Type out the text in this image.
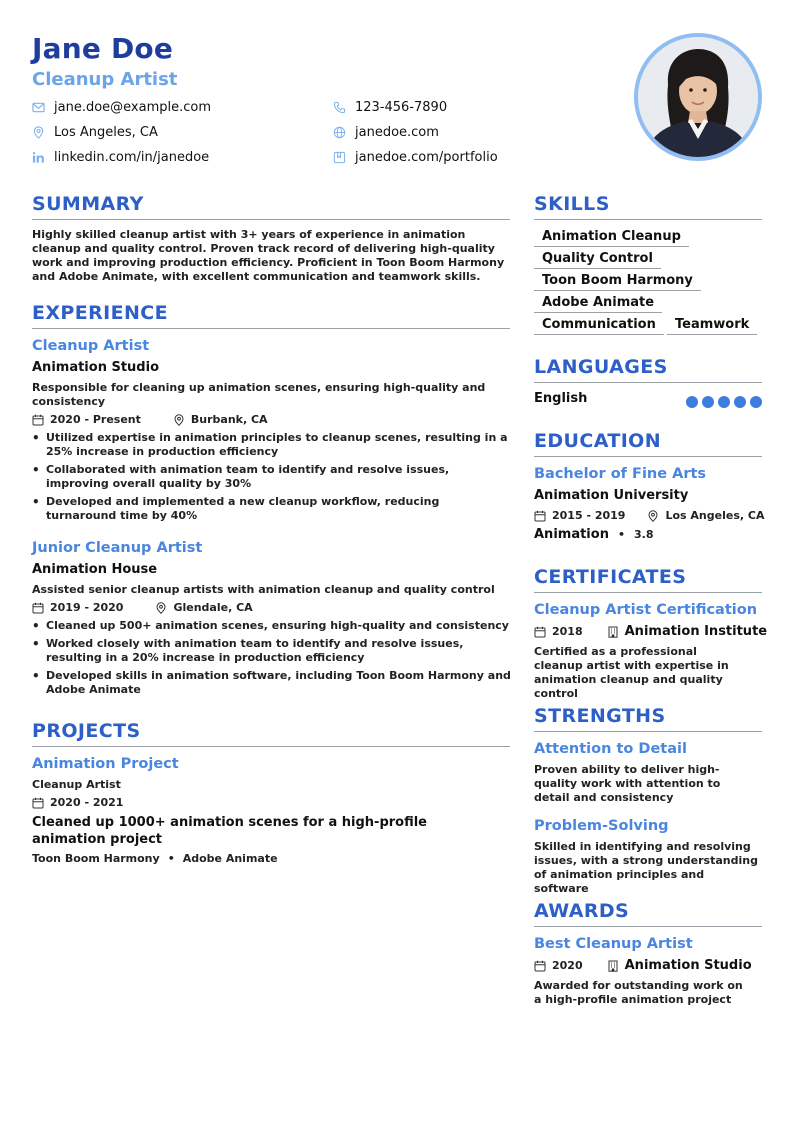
Jane Doe
Cleanup Artist
jane.doe@example.com	123-456-7890
Los Angeles, CA	janedoe.com
linkedin.com/in/janedoe	janedoe.com/portfolio
SUMMARY
Highly skilled cleanup artist with 3+ years of experience in animation cleanup and quality control. Proven track record of delivering high-quality work and improving production efficiency. Proficient in Toon Boom Harmony and Adobe Animate, with excellent communication and teamwork skills.
EXPERIENCE
Cleanup Artist
Animation Studio
Responsible for cleaning up animation scenes, ensuring high-quality and consistency
2020 - Present	Burbank, CA
• Utilized expertise in animation principles to cleanup scenes, resulting in a 25% increase in production efficiency
• Collaborated with animation team to identify and resolve issues, improving overall quality by 30%
• Developed and implemented a new cleanup workflow, reducing turnaround time by 40%
Junior Cleanup Artist
Animation House
Assisted senior cleanup artists with animation cleanup and quality control
2019 - 2020	Glendale, CA
• Cleaned up 500+ animation scenes, ensuring high-quality and consistency
• Worked closely with animation team to identify and resolve issues, resulting in a 20% increase in production efficiency
• Developed skills in animation software, including Toon Boom Harmony and Adobe Animate
PROJECTS
Animation Project
Cleanup Artist
2020 - 2021
Cleaned up 1000+ animation scenes for a high-profile animation project
Toon Boom Harmony • Adobe Animate
SKILLS
Animation Cleanup
Quality Control
Toon Boom Harmony
Adobe Animate
Communication	Teamwork
LANGUAGES
English
EDUCATION
Bachelor of Fine Arts
Animation University
2015 - 2019	Los Angeles, CA
Animation • 3.8
CERTIFICATES
Cleanup Artist Certification
2018	Animation Institute
Certified as a professional cleanup artist with expertise in animation cleanup and quality control
STRENGTHS
Attention to Detail
Proven ability to deliver high-quality work with attention to detail and consistency
Problem-Solving
Skilled in identifying and resolving issues, with a strong understanding of animation principles and software
AWARDS
Best Cleanup Artist
2020	Animation Studio
Awarded for outstanding work on a high-profile animation project
